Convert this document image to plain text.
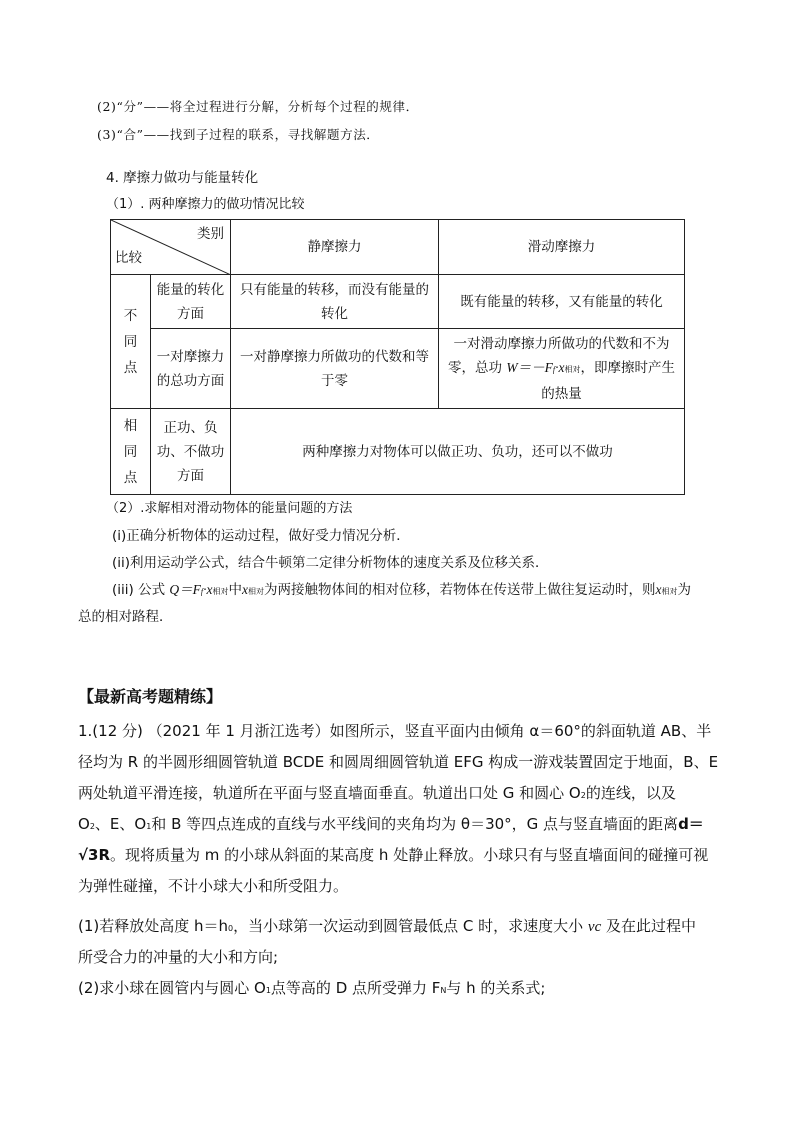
(2)“分”——将全过程进行分解，分析每个过程的规律．
(3)“合”——找到子过程的联系，寻找解题方法．
4. 摩擦力做功与能量转化
（1）. 两种摩擦力的做功情况比较
类别
比较		静摩擦力	滑动摩擦力
不
同
点	能量的转化方面	只有能量的转移，而没有能量的转化	既有能量的转移，又有能量的转化
	一对摩擦力的总功方面	一对静摩擦力所做功的代数和等于零	一对滑动摩擦力所做功的代数和不为零，总功 W＝－Ff·x相对，即摩擦时产生的热量
相
同
点	正功、负功、不做功方面	两种摩擦力对物体可以做正功、负功，还可以不做功	
（2）.求解相对滑动物体的能量问题的方法
(i)正确分析物体的运动过程，做好受力情况分析．
(ii)利用运动学公式，结合牛顿第二定律分析物体的速度关系及位移关系．
(iii) 公式 Q＝Ff·x相对中x相对为两接触物体间的相对位移，若物体在传送带上做往复运动时，则x相对为
总的相对路程．
【最新高考题精练】
1.(12 分) （2021 年 1 月浙江选考）如图所示，竖直平面内由倾角 α＝60°的斜面轨道 AB、半
径均为 R 的半圆形细圆管轨道 BCDE 和圆周细圆管轨道 EFG 构成一游戏装置固定于地面，B、E
两处轨道平滑连接，轨道所在平面与竖直墙面垂直。轨道出口处 G 和圆心 O2的连线，以及
O2、E、O1和 B 等四点连成的直线与水平线间的夹角均为 θ＝30°，G 点与竖直墙面的距离d＝
√3R。现将质量为 m 的小球从斜面的某高度 h 处静止释放。小球只有与竖直墙面间的碰撞可视
为弹性碰撞，不计小球大小和所受阻力。
(1)若释放处高度 h＝h0，当小球第一次运动到圆管最低点 C 时，求速度大小 vc 及在此过程中
所受合力的冲量的大小和方向;
(2)求小球在圆管内与圆心 O1点等高的 D 点所受弹力 FN与 h 的关系式;
